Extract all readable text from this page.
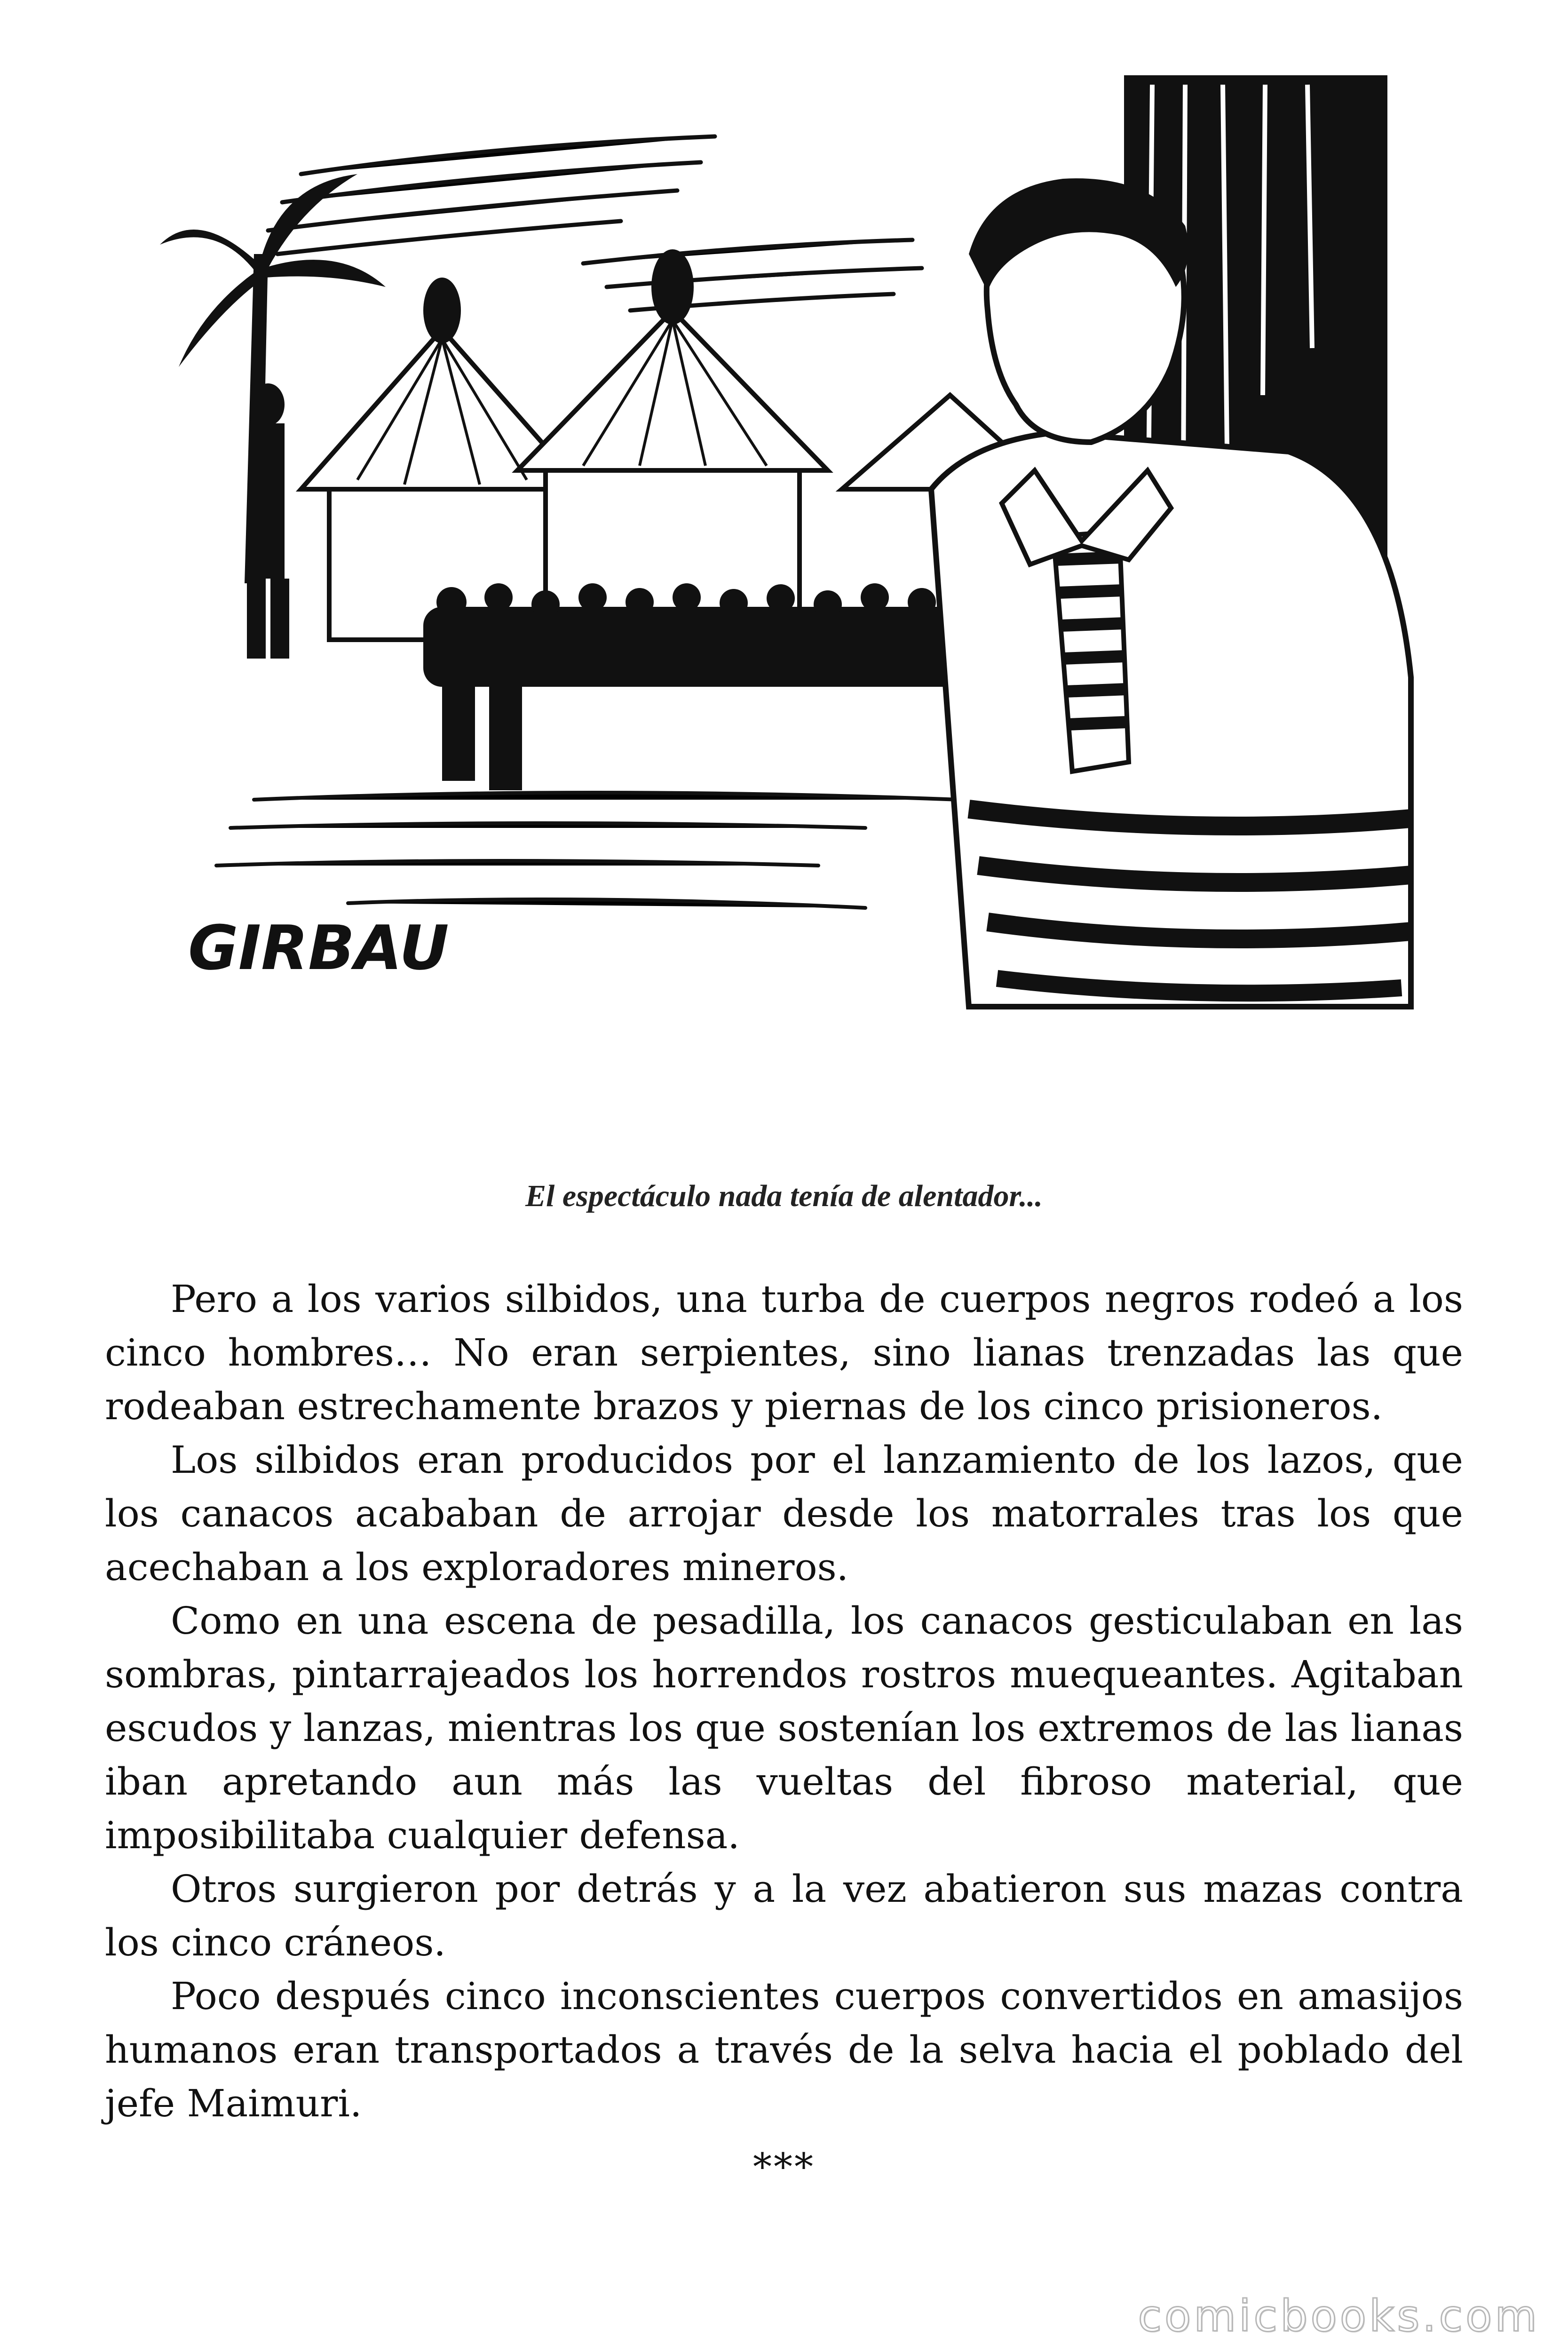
GIRBAU
El espectáculo nada tenía de alentador...

Pero a los varios silbidos, una turba de cuerpos negros rodeó a los cinco hombres… No eran serpientes, sino lianas trenzadas las que rodeaban estrechamente brazos y piernas de los cinco prisioneros.

Los silbidos eran producidos por el lanzamiento de los lazos, que los canacos acababan de arrojar desde los matorrales tras los que acechaban a los exploradores mineros.

Como en una escena de pesadilla, los canacos gesticulaban en las sombras, pintarrajeados los horrendos rostros muequeantes. Agitaban escudos y lanzas, mientras los que sostenían los extremos de las lianas iban apretando aun más las vueltas del fibroso material, que imposibilitaba cualquier defensa.

Otros surgieron por detrás y a la vez abatieron sus mazas contra los cinco cráneos.

Poco después cinco inconscientes cuerpos convertidos en amasijos humanos eran transportados a través de la selva hacia el poblado del jefe Maimuri.

***
comicbooks.com
